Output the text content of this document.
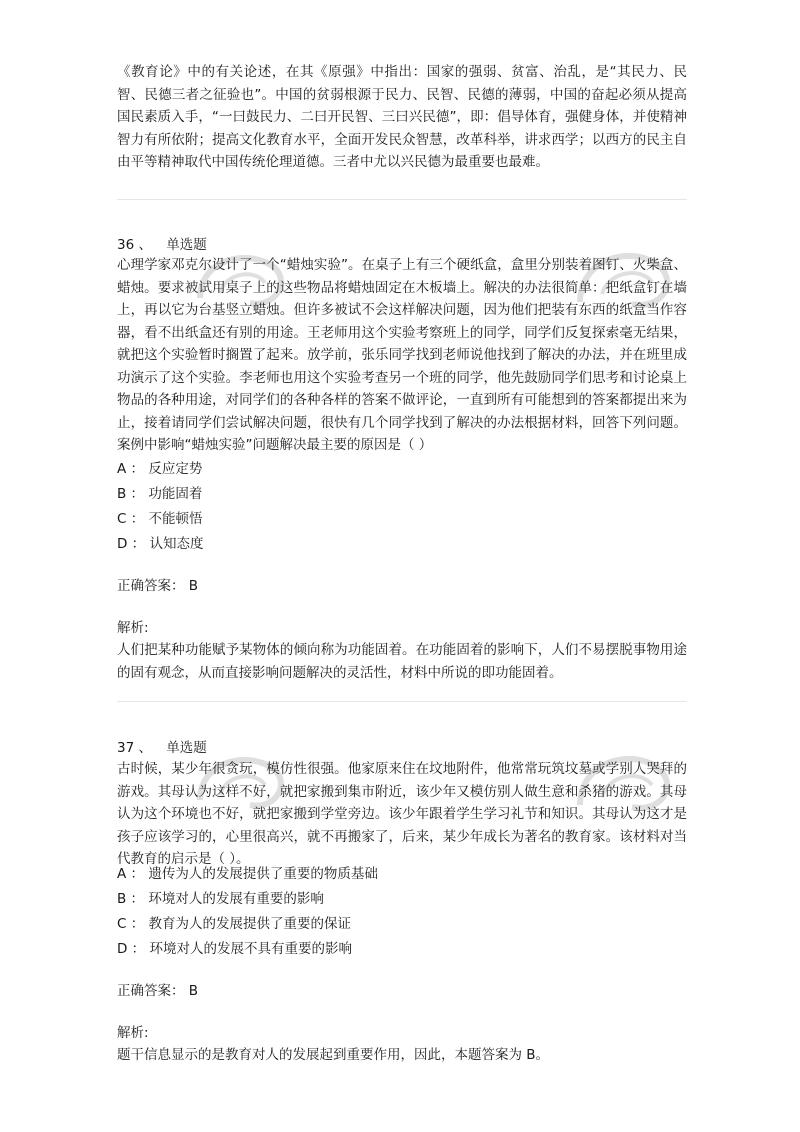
《教育论》中的有关论述，在其《原强》中指出：国家的强弱、贫富、治乱，是“其民力、民智、民德三者之征验也”。中国的贫弱根源于民力、民智、民德的薄弱，中国的奋起必须从提高国民素质入手，“一曰鼓民力、二曰开民智、三曰兴民德”，即：倡导体育，强健身体，并使精神智力有所依附；提高文化教育水平，全面开发民众智慧，改革科举，讲求西学；以西方的民主自由平等精神取代中国传统伦理道德。三者中尤以兴民德为最重要也最难。

36 、 单选题

心理学家邓克尔设计了一个“蜡烛实验”。在桌子上有三个硬纸盒，盒里分别装着图钉、火柴盒、蜡烛。要求被试用桌子上的这些物品将蜡烛固定在木板墙上。解决的办法很简单：把纸盒钉在墙上，再以它为台基竖立蜡烛。但许多被试不会这样解决问题，因为他们把装有东西的纸盒当作容器，看不出纸盒还有别的用途。王老师用这个实验考察班上的同学，同学们反复探索毫无结果，就把这个实验暂时搁置了起来。放学前，张乐同学找到老师说他找到了解决的办法，并在班里成功演示了这个实验。李老师也用这个实验考查另一个班的同学，他先鼓励同学们思考和讨论桌上物品的各种用途，对同学们的各种各样的答案不做评论，一直到所有可能想到的答案都提出来为止，接着请同学们尝试解决问题，很快有几个同学找到了解决的办法根据材料，回答下列问题。案例中影响“蜡烛实验”问题解决最主要的原因是（ ）

A ： 反应定势
B ： 功能固着
C ： 不能顿悟
D ： 认知态度
正确答案： B
解析:

人们把某种功能赋予某物体的倾向称为功能固着。在功能固着的影响下，人们不易摆脱事物用途的固有观念，从而直接影响问题解决的灵活性，材料中所说的即功能固着。

37 、 单选题

古时候，某少年很贪玩，模仿性很强。他家原来住在坟地附件，他常常玩筑坟墓或学别人哭拜的游戏。其母认为这样不好，就把家搬到集市附近，该少年又模仿别人做生意和杀猪的游戏。其母认为这个环境也不好，就把家搬到学堂旁边。该少年跟着学生学习礼节和知识。其母认为这才是孩子应该学习的，心里很高兴，就不再搬家了，后来，某少年成长为著名的教育家。该材料对当代教育的启示是（ ）。

A ： 遗传为人的发展提供了重要的物质基础
B ： 环境对人的发展有重要的影响
C ： 教育为人的发展提供了重要的保证
D ： 环境对人的发展不具有重要的影响
正确答案： B
解析:

题干信息显示的是教育对人的发展起到重要作用，因此，本题答案为 B。
